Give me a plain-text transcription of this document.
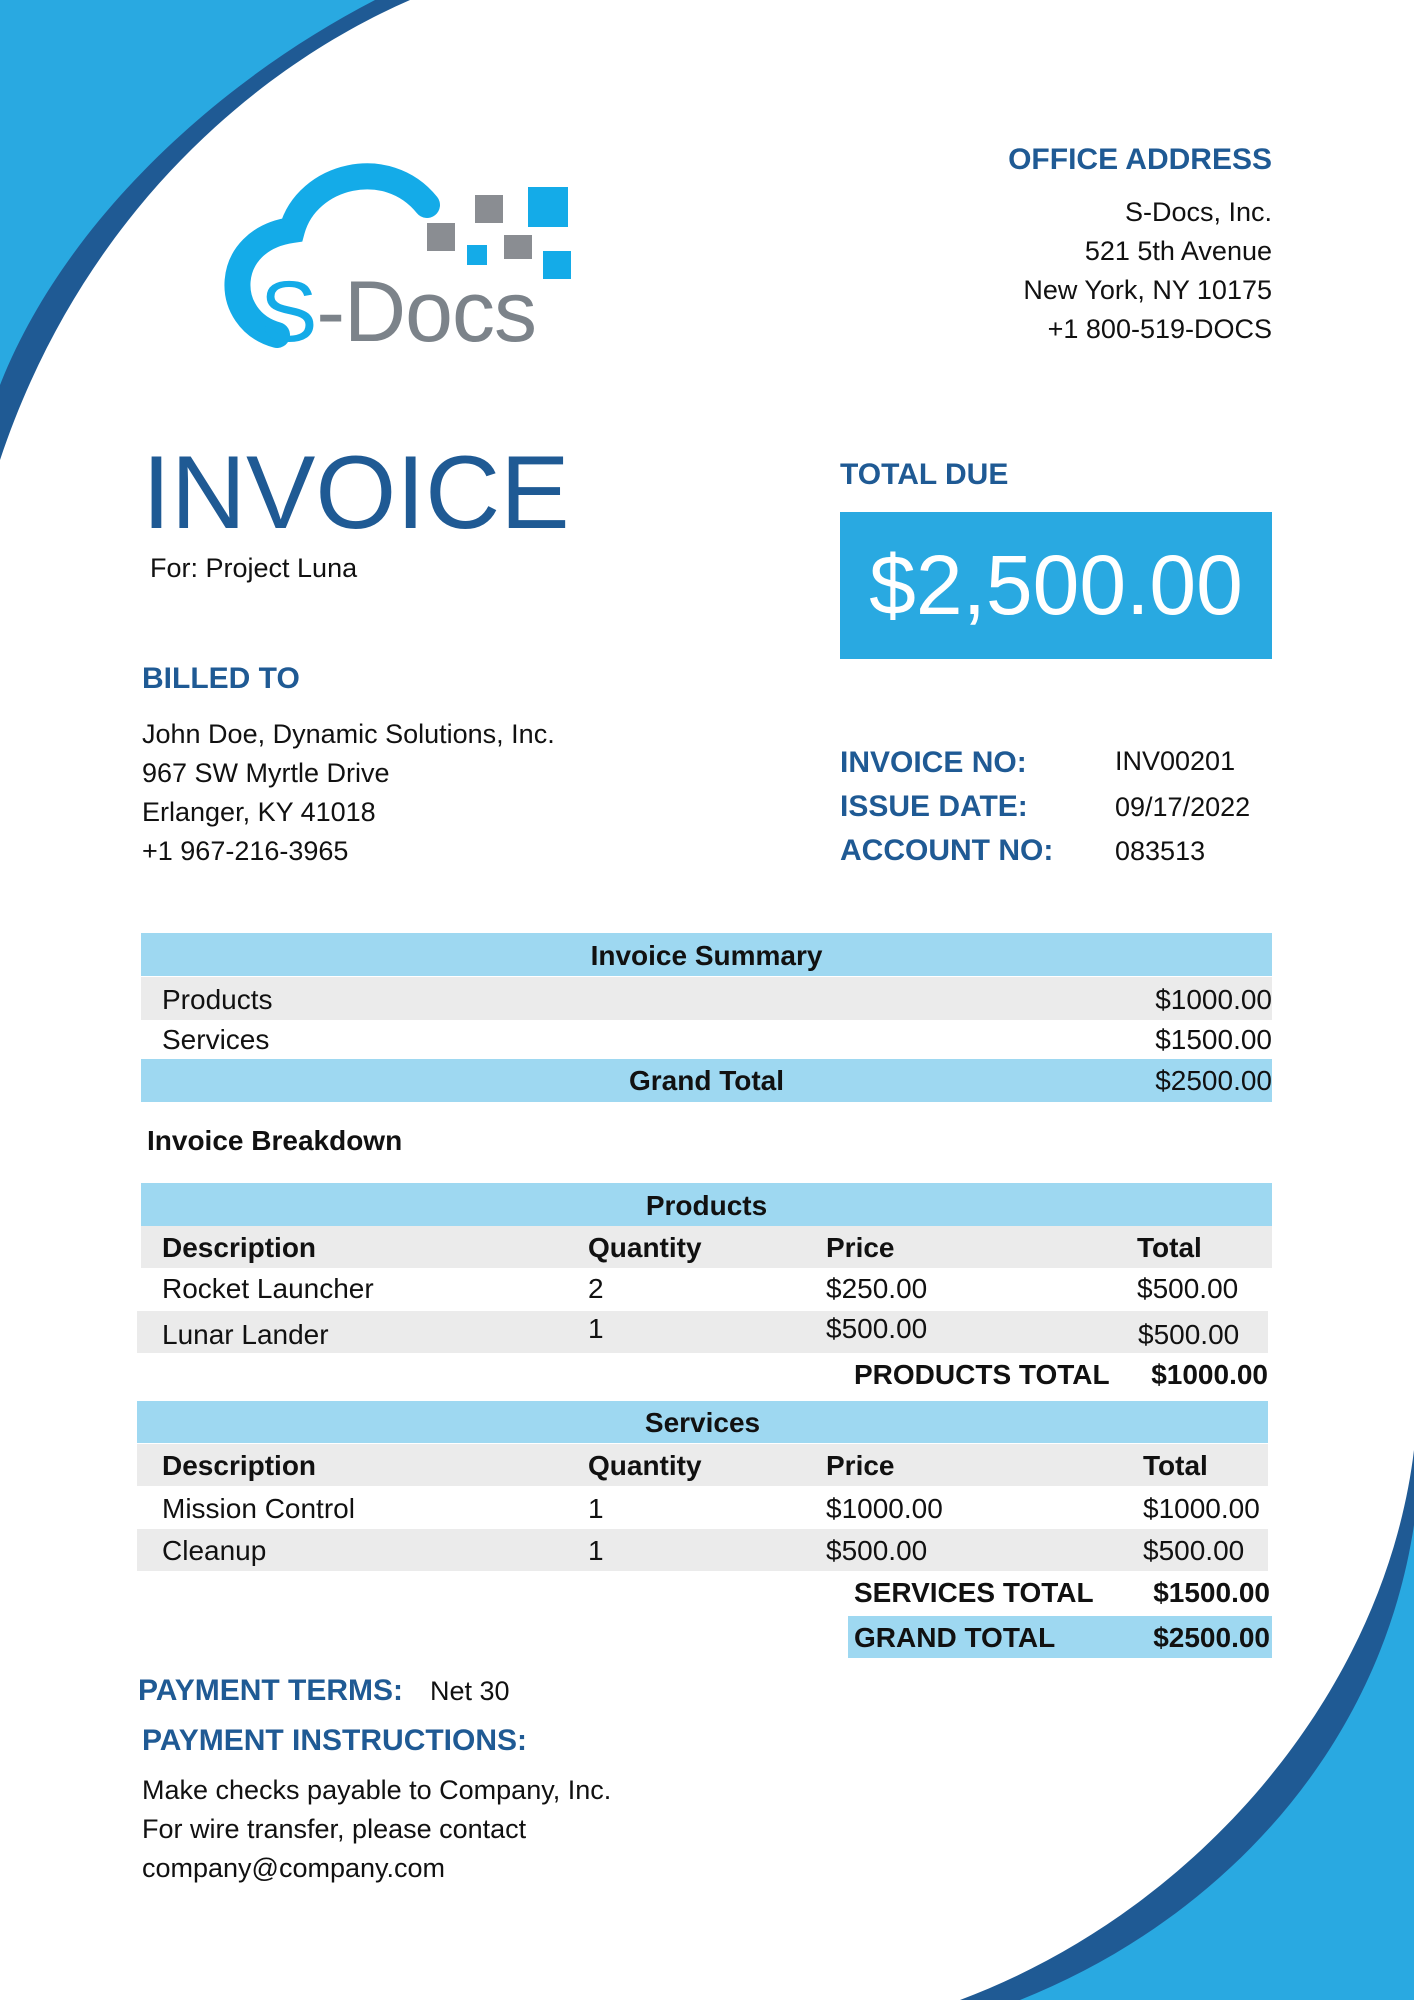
S-Docs
OFFICE ADDRESS
S-Docs, Inc.
521 5th Avenue
New York, NY 10175
+1 800-519-DOCS
INVOICE
For: Project Luna
TOTAL DUE
$2,500.00
BILLED TO
John Doe, Dynamic Solutions, Inc.
967 SW Myrtle Drive
Erlanger, KY 41018
+1 967-216-3965
INVOICE NO:	INV00201
ISSUE DATE:	09/17/2022
ACCOUNT NO: 083513
Invoice Summary
Products	$1000.00
Services	$1500.00
Grand Total	$2500.00
Invoice Breakdown
Products
Description	Quantity	Price	Total
Rocket Launcher	2	$250.00	$500.00
Lunar Lander	1	$500.00	$500.00
PRODUCTS TOTAL $1000.00
Services
Description	Quantity	Price	Total
Mission Control	1	$1000.00	$1000.00
Cleanup	1	$500.00	$500.00
SERVICES TOTAL $1500.00
GRAND TOTAL	$2500.00
PAYMENT TERMS: Net 30
PAYMENT INSTRUCTIONS:
Make checks payable to Company, Inc.
For wire transfer, please contact
company@company.com
